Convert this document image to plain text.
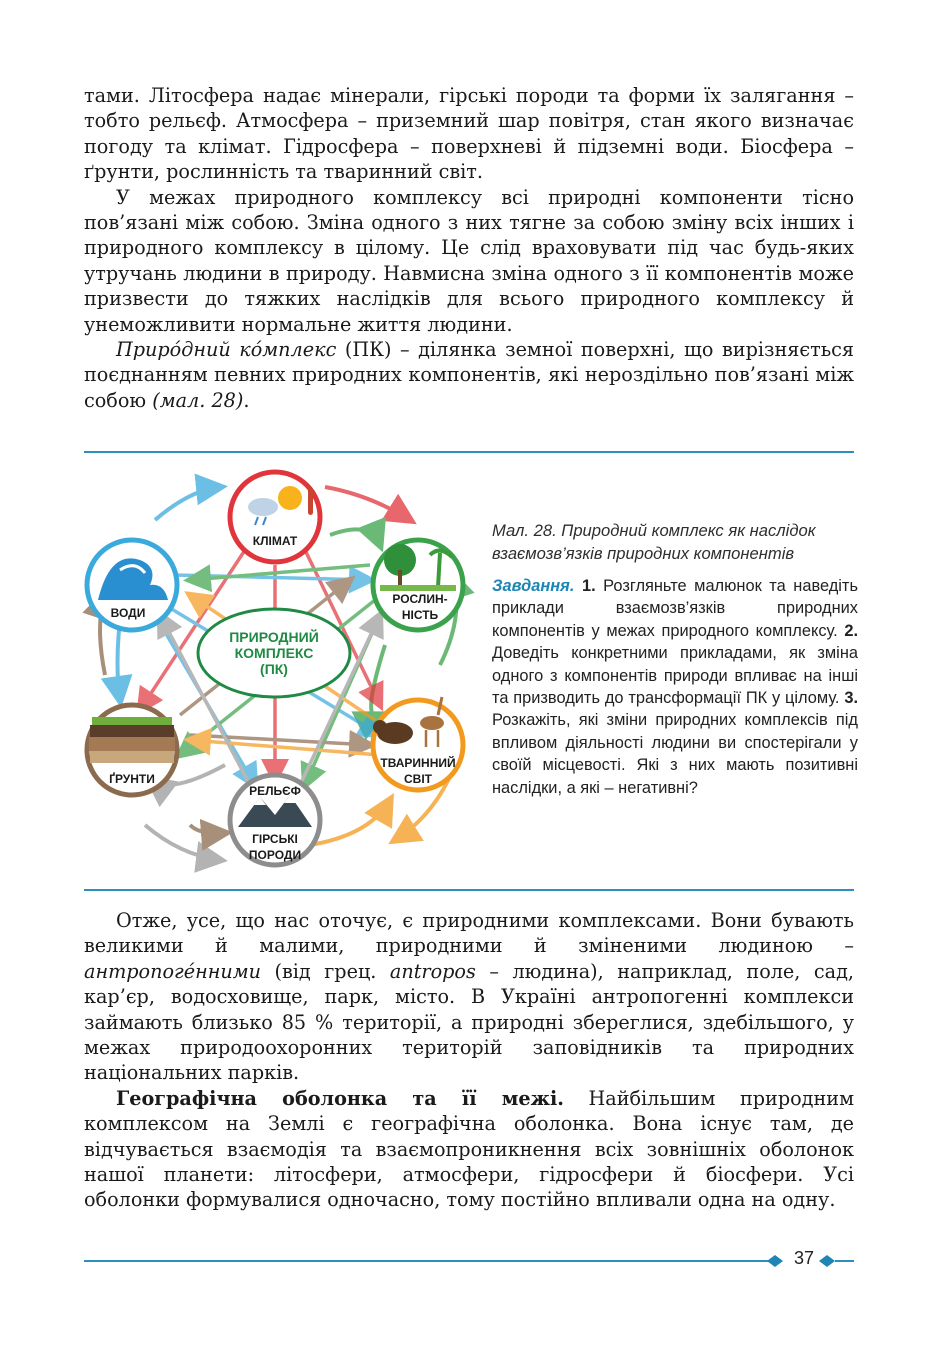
тами. Літосфера надає мінерали, гірські породи та форми їх залягання – тобто рельєф. Атмосфера – приземний шар повітря, стан якого визначає погоду та клімат. Гідросфера – поверхневі й підземні води. Біосфера – ґрунти, рослинність та тваринний світ.

У межах природного комплексу всі природні компоненти тісно пов’язані між собою. Зміна одного з них тягне за собою зміну всіх інших і природного комплексу в цілому. Це слід враховувати під час будь-яких утручань людини в природу. Навмисна зміна одного з її компонентів може призвести до тяжких наслідків для всього природного комплексу й унеможливити нормальне життя людини.

Приро́дний ко́мплекс (ПК) – ділянка земної поверхні, що вирізняється поєднанням певних природних компонентів, які нероздільно пов’язані між собою (мал. 28).

ПРИРОДНИЙ
КОМПЛЕКС
(ПК)
КЛІМАТ
ВОДИ
РОСЛИН-
НІСТЬ
ҐРУНТИ
ТВАРИННИЙ
СВІТ
РЕЛЬЄФ
ГІРСЬКІ
ПОРОДИ

Мал. 28. Природний комплекс як наслідок взаємозв’язків природних компонентів

Завдання. 1. Розгляньте малюнок та наведіть приклади взаємозв’язків природних компонентів у межах природного комплексу. 2. Доведіть конкретними прикладами, як зміна одного з компонентів природи впливає на інші та призводить до трансформації ПК у цілому. 3. Розкажіть, які зміни природних комплексів під впливом діяльності людини ви спостерігали у своїй місцевості. Які з них мають позитивні наслідки, а які – негативні?

Отже, усе, що нас оточує, є природними комплексами. Вони бувають великими й малими, природними й зміненими людиною – антропоге́нними (від грец. antropos – людина), наприклад, поле, сад, кар’єр, водосховище, парк, місто. В Україні антропогенні комплекси займають близько 85 % території, а природні збереглися, здебільшого, у межах природоохоронних територій заповідників та природних національних парків.

Географічна оболонка та її межі. Найбільшим природним комплексом на Землі є географічна оболонка. Вона існує там, де відчувається взаємодія та взаємопроникнення всіх зовнішніх оболонок нашої планети: літосфери, атмосфери, гідросфери й біосфери. Усі оболонки формувалися одночасно, тому постійно впливали одна на одну.

37
